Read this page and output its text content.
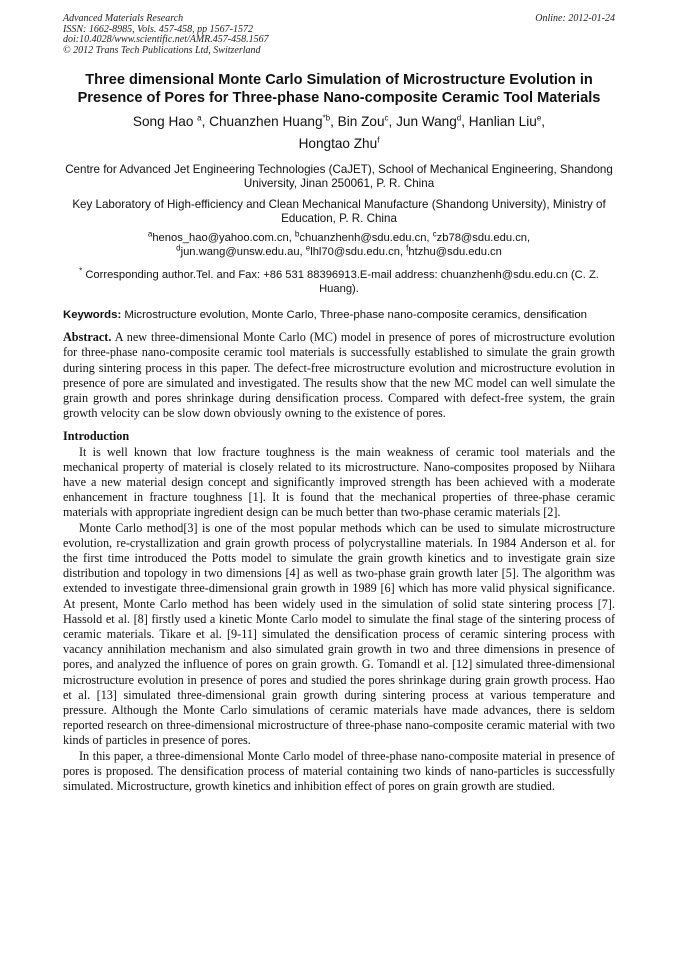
Advanced Materials Research
ISSN: 1662-8985, Vols. 457-458, pp 1567-1572
doi:10.4028/www.scientific.net/AMR.457-458.1567
© 2012 Trans Tech Publications Ltd, Switzerland
Online: 2012-01-24
Three dimensional Monte Carlo Simulation of Microstructure Evolution in Presence of Pores for Three-phase Nano-composite Ceramic Tool Materials
Song Hao $^a$, Chuanzhen Huang$^{*b}$, Bin Zou$^c$, Jun Wang$^d$, Hanlian Liu$^e$,
Hongtao Zhu$^f$
Centre for Advanced Jet Engineering Technologies (CaJET), School of Mechanical Engineering, Shandong University, Jinan 250061, P. R. China
Key Laboratory of High-efficiency and Clean Mechanical Manufacture (Shandong University), Ministry of Education, P. R. China
$^a$henos_hao@yahoo.com.cn, $^b$chuanzhenh@sdu.edu.cn, $^c$zb78@sdu.edu.cn,
$^d$jun.wang@unsw.edu.au, $^e$lhl70@sdu.edu.cn, $^f$htzhu@sdu.edu.cn
* Corresponding author.Tel. and Fax: +86 531 88396913.E-mail address: chuanzhenh@sdu.edu.cn (C. Z. Huang).
Keywords: Microstructure evolution, Monte Carlo, Three-phase nano-composite ceramics, densification
Abstract. A new three-dimensional Monte Carlo (MC) model in presence of pores of microstructure evolution for three-phase nano-composite ceramic tool materials is successfully established to simulate the grain growth during sintering process in this paper. The defect-free microstructure evolution and microstructure evolution in presence of pore are simulated and investigated. The results show that the new MC model can well simulate the grain growth and pores shrinkage during densification process. Compared with defect-free system, the grain growth velocity can be slow down obviously owning to the existence of pores.
Introduction

It is well known that low fracture toughness is the main weakness of ceramic tool materials and the mechanical property of material is closely related to its microstructure. Nano-composites proposed by Niihara have a new material design concept and significantly improved strength has been achieved with a moderate enhancement in fracture toughness [1]. It is found that the mechanical properties of three-phase ceramic materials with appropriate ingredient design can be much better than two-phase ceramic materials [2].

Monte Carlo method[3] is one of the most popular methods which can be used to simulate microstructure evolution, re-crystallization and grain growth process of polycrystalline materials. In 1984 Anderson et al. for the first time introduced the Potts model to simulate the grain growth kinetics and to investigate grain size distribution and topology in two dimensions [4] as well as two-phase grain growth later [5]. The algorithm was extended to investigate three-dimensional grain growth in 1989 [6] which has more valid physical significance. At present, Monte Carlo method has been widely used in the simulation of solid state sintering process [7]. Hassold et al. [8] firstly used a kinetic Monte Carlo model to simulate the final stage of the sintering process of ceramic materials. Tikare et al. [9-11] simulated the densification process of ceramic sintering process with vacancy annihilation mechanism and also simulated grain growth in two and three dimensions in presence of pores, and analyzed the influence of pores on grain growth. G. Tomandl et al. [12] simulated three-dimensional microstructure evolution in presence of pores and studied the pores shrinkage during grain growth process. Hao et al. [13] simulated three-dimensional grain growth during sintering process at various temperature and pressure. Although the Monte Carlo simulations of ceramic materials have made advances, there is seldom reported research on three-dimensional microstructure of three-phase nano-composite ceramic material with two kinds of particles in presence of pores.

In this paper, a three-dimensional Monte Carlo model of three-phase nano-composite material in presence of pores is proposed. The densification process of material containing two kinds of nano-particles is successfully simulated. Microstructure, growth kinetics and inhibition effect of pores on grain growth are studied.
